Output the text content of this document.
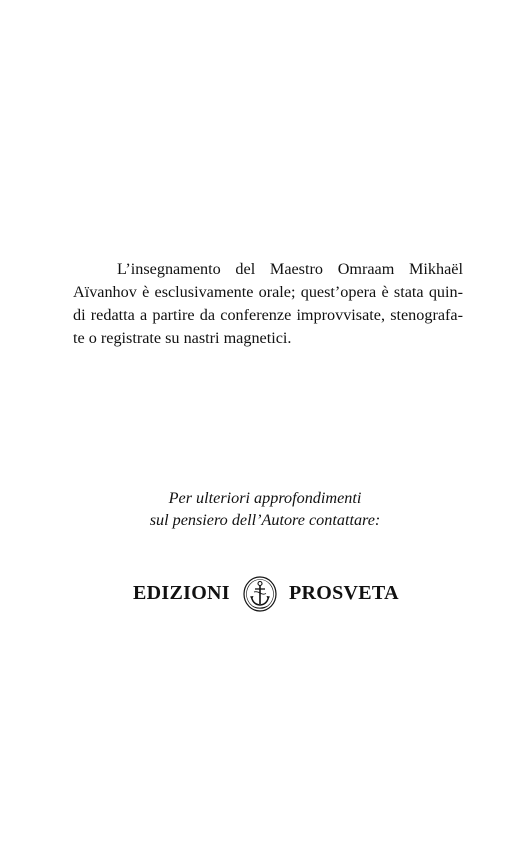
L’insegnamento del Maestro Omraam Mikhaël
Aïvanhov è esclusivamente orale; quest’opera è stata quin-
di redatta a partire da conferenze improvvisate, stenografa-
te o registrate su nastri magnetici.

Per ulteriori approfondimenti
sul pensiero dell’Autore contattare:
EDIZIONI	PROSVETA
